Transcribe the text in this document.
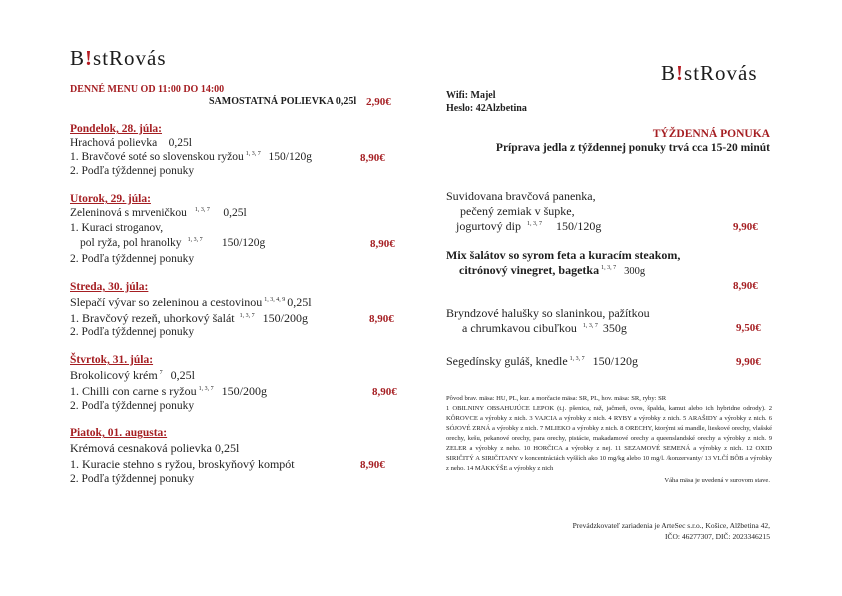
B!stRovás
B!stRovás
DENNÉ MENU OD 11:00 DO 14:00
SAMOSTATNÁ POLIEVKA 0,25l 2,90€
Pondelok, 28. júla:
Hrachová polievka 0,25l
1. Bravčové soté so slovenskou ryžou $^{1, 3, 7}$ 150/120g	8,90€
2. Podľa týždennej ponuky
Utorok, 29. júla:
Zeleninová s mrveničkou $^{1, 3, 7}$ 0,25l
1. Kuraci stroganov,
pol ryža, pol hranolky $^{1, 3, 7}$ 150/120g	8,90€
2. Podľa týždennej ponuky
Streda, 30. júla:
Slepačí vývar so zeleninou a cestovinou $^{1, 3, 4, 9}$ 0,25l
1. Bravčový rezeň, uhorkový šalát $^{1, 3, 7}$ 150/200g	8,90€
2. Podľa týždennej ponuky
Štvrtok, 31. júla:
Brokolicový krém $^7$ 0,25l
1. Chilli con carne s ryžou $^{1, 3, 7}$ 150/200g	8,90€
2. Podľa týždennej ponuky
Piatok, 01. augusta:
Krémová cesnaková polievka 0,25l
1. Kuracie stehno s ryžou, broskyňový kompót	8,90€
2. Podľa týždennej ponuky
Wifi: Majel
Heslo: 42Alzbetina
TÝŽDENNÁ PONUKA
Príprava jedla z týždennej ponuky trvá cca 15-20 minút
Suvidovana bravčová panenka,
pečený zemiak v šupke,
jogurtový dip $^{1, 3, 7}$ 150/120g	9,90€
Mix šalátov so syrom feta a kuracím steakom,
citrónový vinegret, bagetka $^{1, 3, 7}$ 300g
8,90€
Bryndzové halušky so slaninkou, pažítkou
a chrumkavou cibuľkou $^{1, 3, 7}$ 350g	9,50€
Segedínsky guláš, knedle $^{1, 3, 7}$ 150/120g	9,90€
Pôvod brav. mäsa: HU, PL, kur. a morčacie mäsa: SR, PL, hov. mäsa: SR, ryby: SR
1 OBILNINY OBSAHUJÚCE LEPOK (t.j. pšenica, raž, jačmeň, ovos, špalda, kamut alebo ich hybridne odrody). 2 KÔROVCE a výrobky z nich. 3 VAJCIA a výrobky z nich. 4 RYBY a výrobky z nich. 5 ARAŠIDY a výrobky z nich. 6 SÓJOVÉ ZRNÁ a výrobky z nich. 7 MLIEKO a výrobky z nich. 8 ORECHY, ktorými sú mandle, lieskové orechy, vlašské orechy, kešu, pekanové orechy, para orechy, pistácie, makadamové orechy a queenslandské orechy a výrobky z nich. 9 ZELER a výrobky z neho. 10 HORČICA a výrobky z nej. 11 SEZAMOVÉ SEMENÁ a výrobky z nich. 12 OXID SIRIČITÝ A SIRIČITANY v koncentráciách vyšších ako 10 mg/kg alebo 10 mg/l. /konzervanty/ 13 VLČÍ BÔB a výrobky z neho. 14 MÄKKÝŠE a výrobky z nich
Váha mäsa je uvedená v surovom stave.
Prevádzkovateľ zariadenia je ArteSec s.r.o., Košice, Alžbetina 42,
IČO: 46277307, DIČ: 2023346215
